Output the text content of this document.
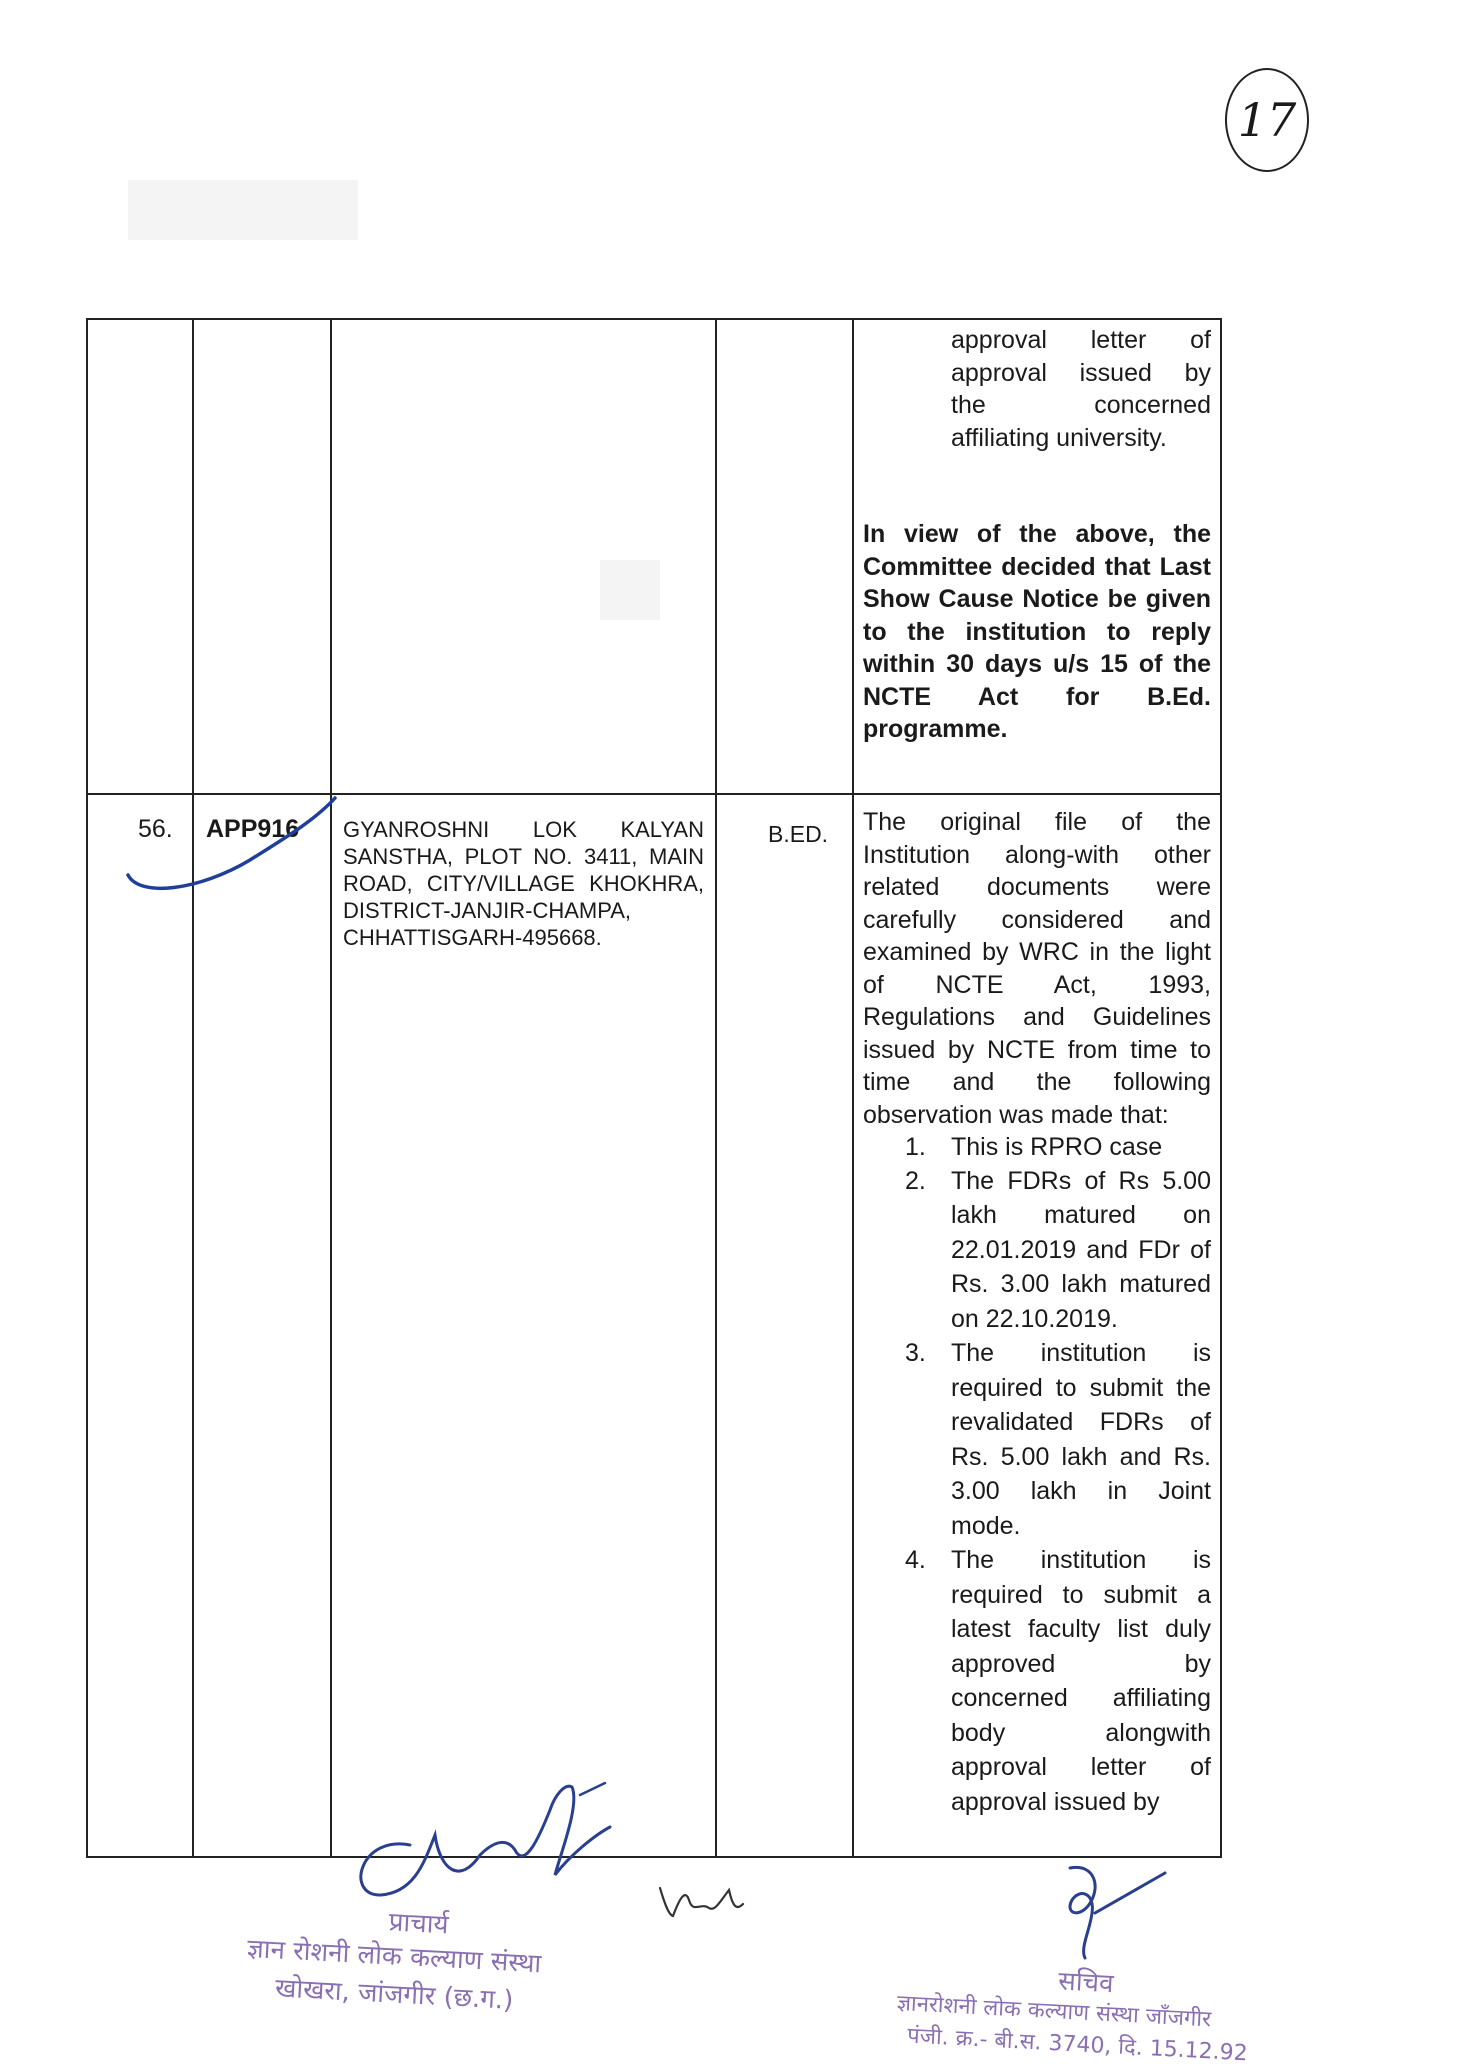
17
approval letter of
approval issued by
the concerned
affiliating university.
In view of the above, the Committee decided that Last Show Cause Notice be given to the institution to reply within 30 days u/s 15 of the NCTE Act for B.Ed. programme.
56. APP916 GYANROSHNI LOK KALYAN SANSTHA, PLOT NO. 3411, MAIN ROAD, CITY/VILLAGE KHOKHRA, DISTRICT-JANJIR-CHAMPA, CHHATTISGARH-495668.
B.ED. The original file of the Institution along-with other related documents were carefully considered and examined by WRC in the light of NCTE Act, 1993, Regulations and Guidelines issued by NCTE from time to time and the following observation was made that:
1. This is RPRO case
2. The FDRs of Rs 5.00 lakh matured on 22.01.2019 and FDr of Rs. 3.00 lakh matured on 22.10.2019.
3. The institution is required to submit the revalidated FDRs of Rs. 5.00 lakh and Rs. 3.00 lakh in Joint mode.
4. The institution is required to submit a latest faculty list duly approved by concerned affiliating body alongwith approval letter of approval issued by
प्राचार्य
ज्ञान रोशनी लोक कल्याण संस्था
खोखरा, जांजगीर (छ.ग.)	सचिव
ज्ञानरोशनी लोक कल्याण संस्था जाँजगीर
पंजी. क्र.- बी.स. 3740, दि. 15.12.92
